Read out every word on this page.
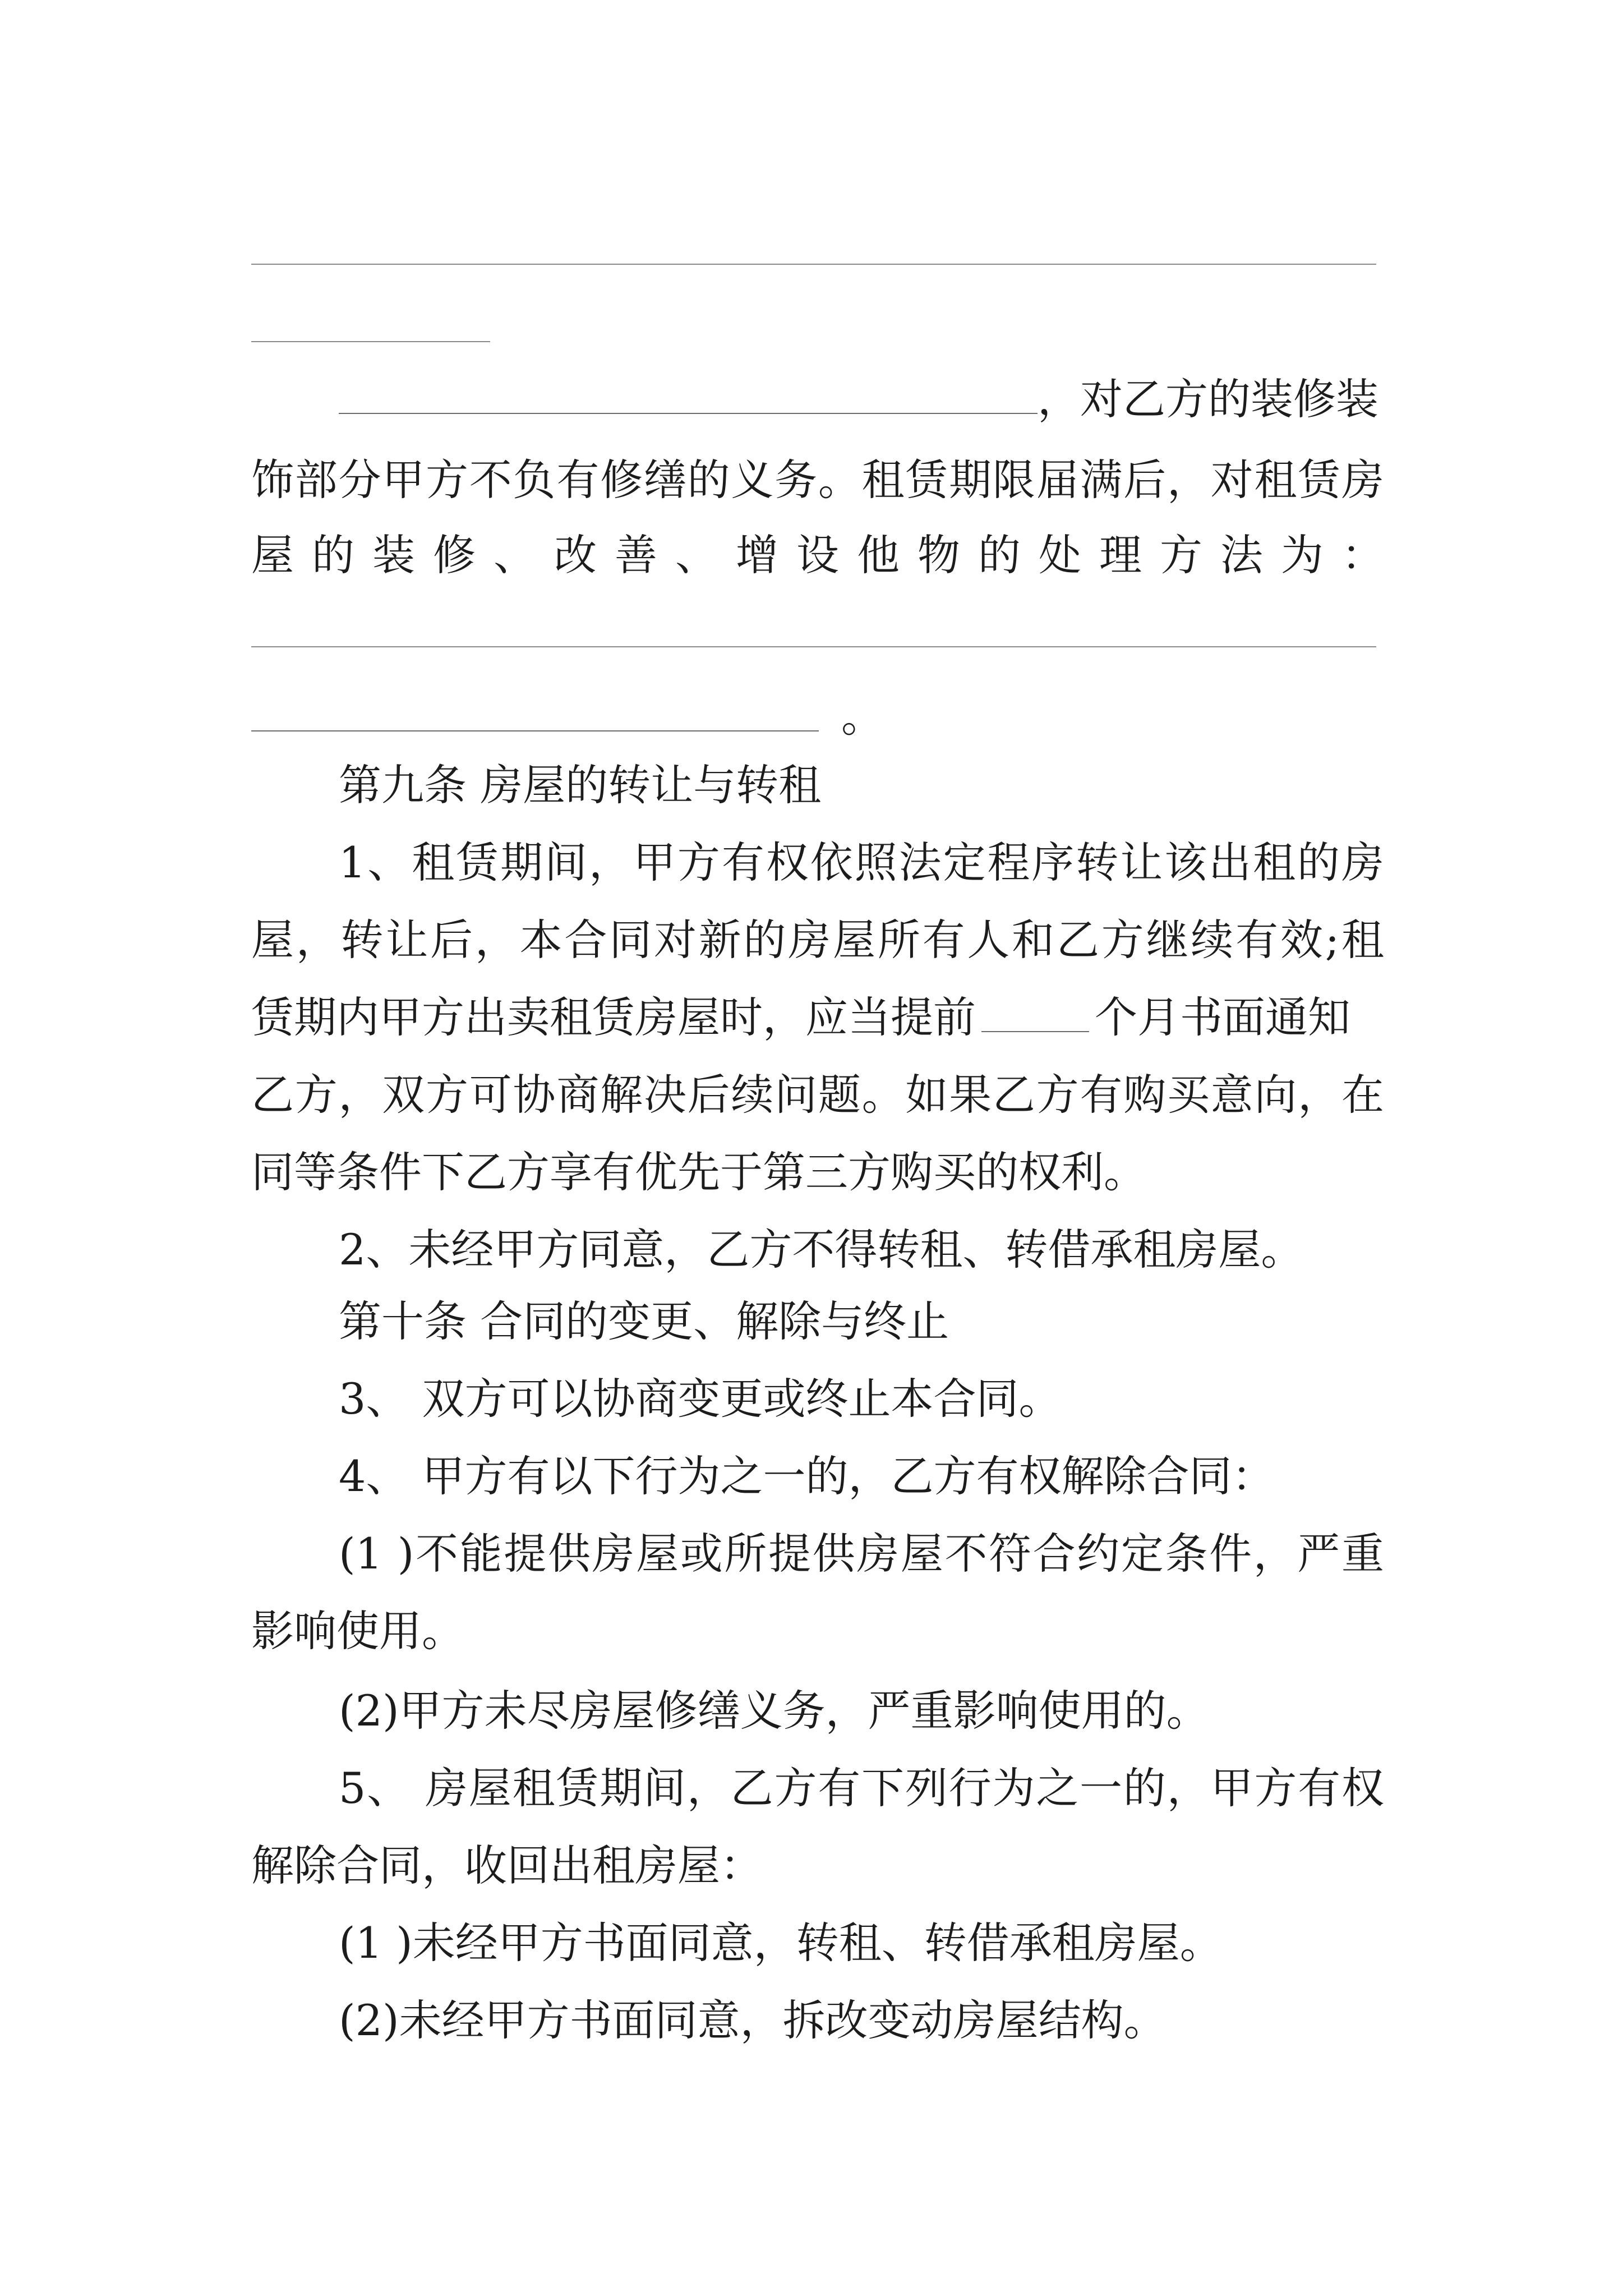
，对乙方的装修装
饰部分甲方不负有修缮的义务。租赁期限届满后，对租赁房
屋 的 装 修 、 改 善 、 增 设 他 物 的 处 理 方 法 为 ：
。
第九条 房屋的转让与转租
1、租赁期间，甲方有权依照法定程序转让该出租的房
屋，转让后，本合同对新的房屋所有人和乙方继续有效;租
赁期内甲方出卖租赁房屋时，应当提前	个月书面通知
乙方，双方可协商解决后续问题。如果乙方有购买意向，在
同等条件下乙方享有优先于第三方购买的权利。
2、未经甲方同意，乙方不得转租、转借承租房屋。
第十条 合同的变更、解除与终止
3、 双方可以协商变更或终止本合同。
4、 甲方有以下行为之一的，乙方有权解除合同：
(1 )不能提供房屋或所提供房屋不符合约定条件，严重
影响使用。
(2)甲方未尽房屋修缮义务，严重影响使用的。
5、 房屋租赁期间，乙方有下列行为之一的，甲方有权
解除合同，收回出租房屋：
(1 )未经甲方书面同意，转租、转借承租房屋。
(2)未经甲方书面同意，拆改变动房屋结构。
